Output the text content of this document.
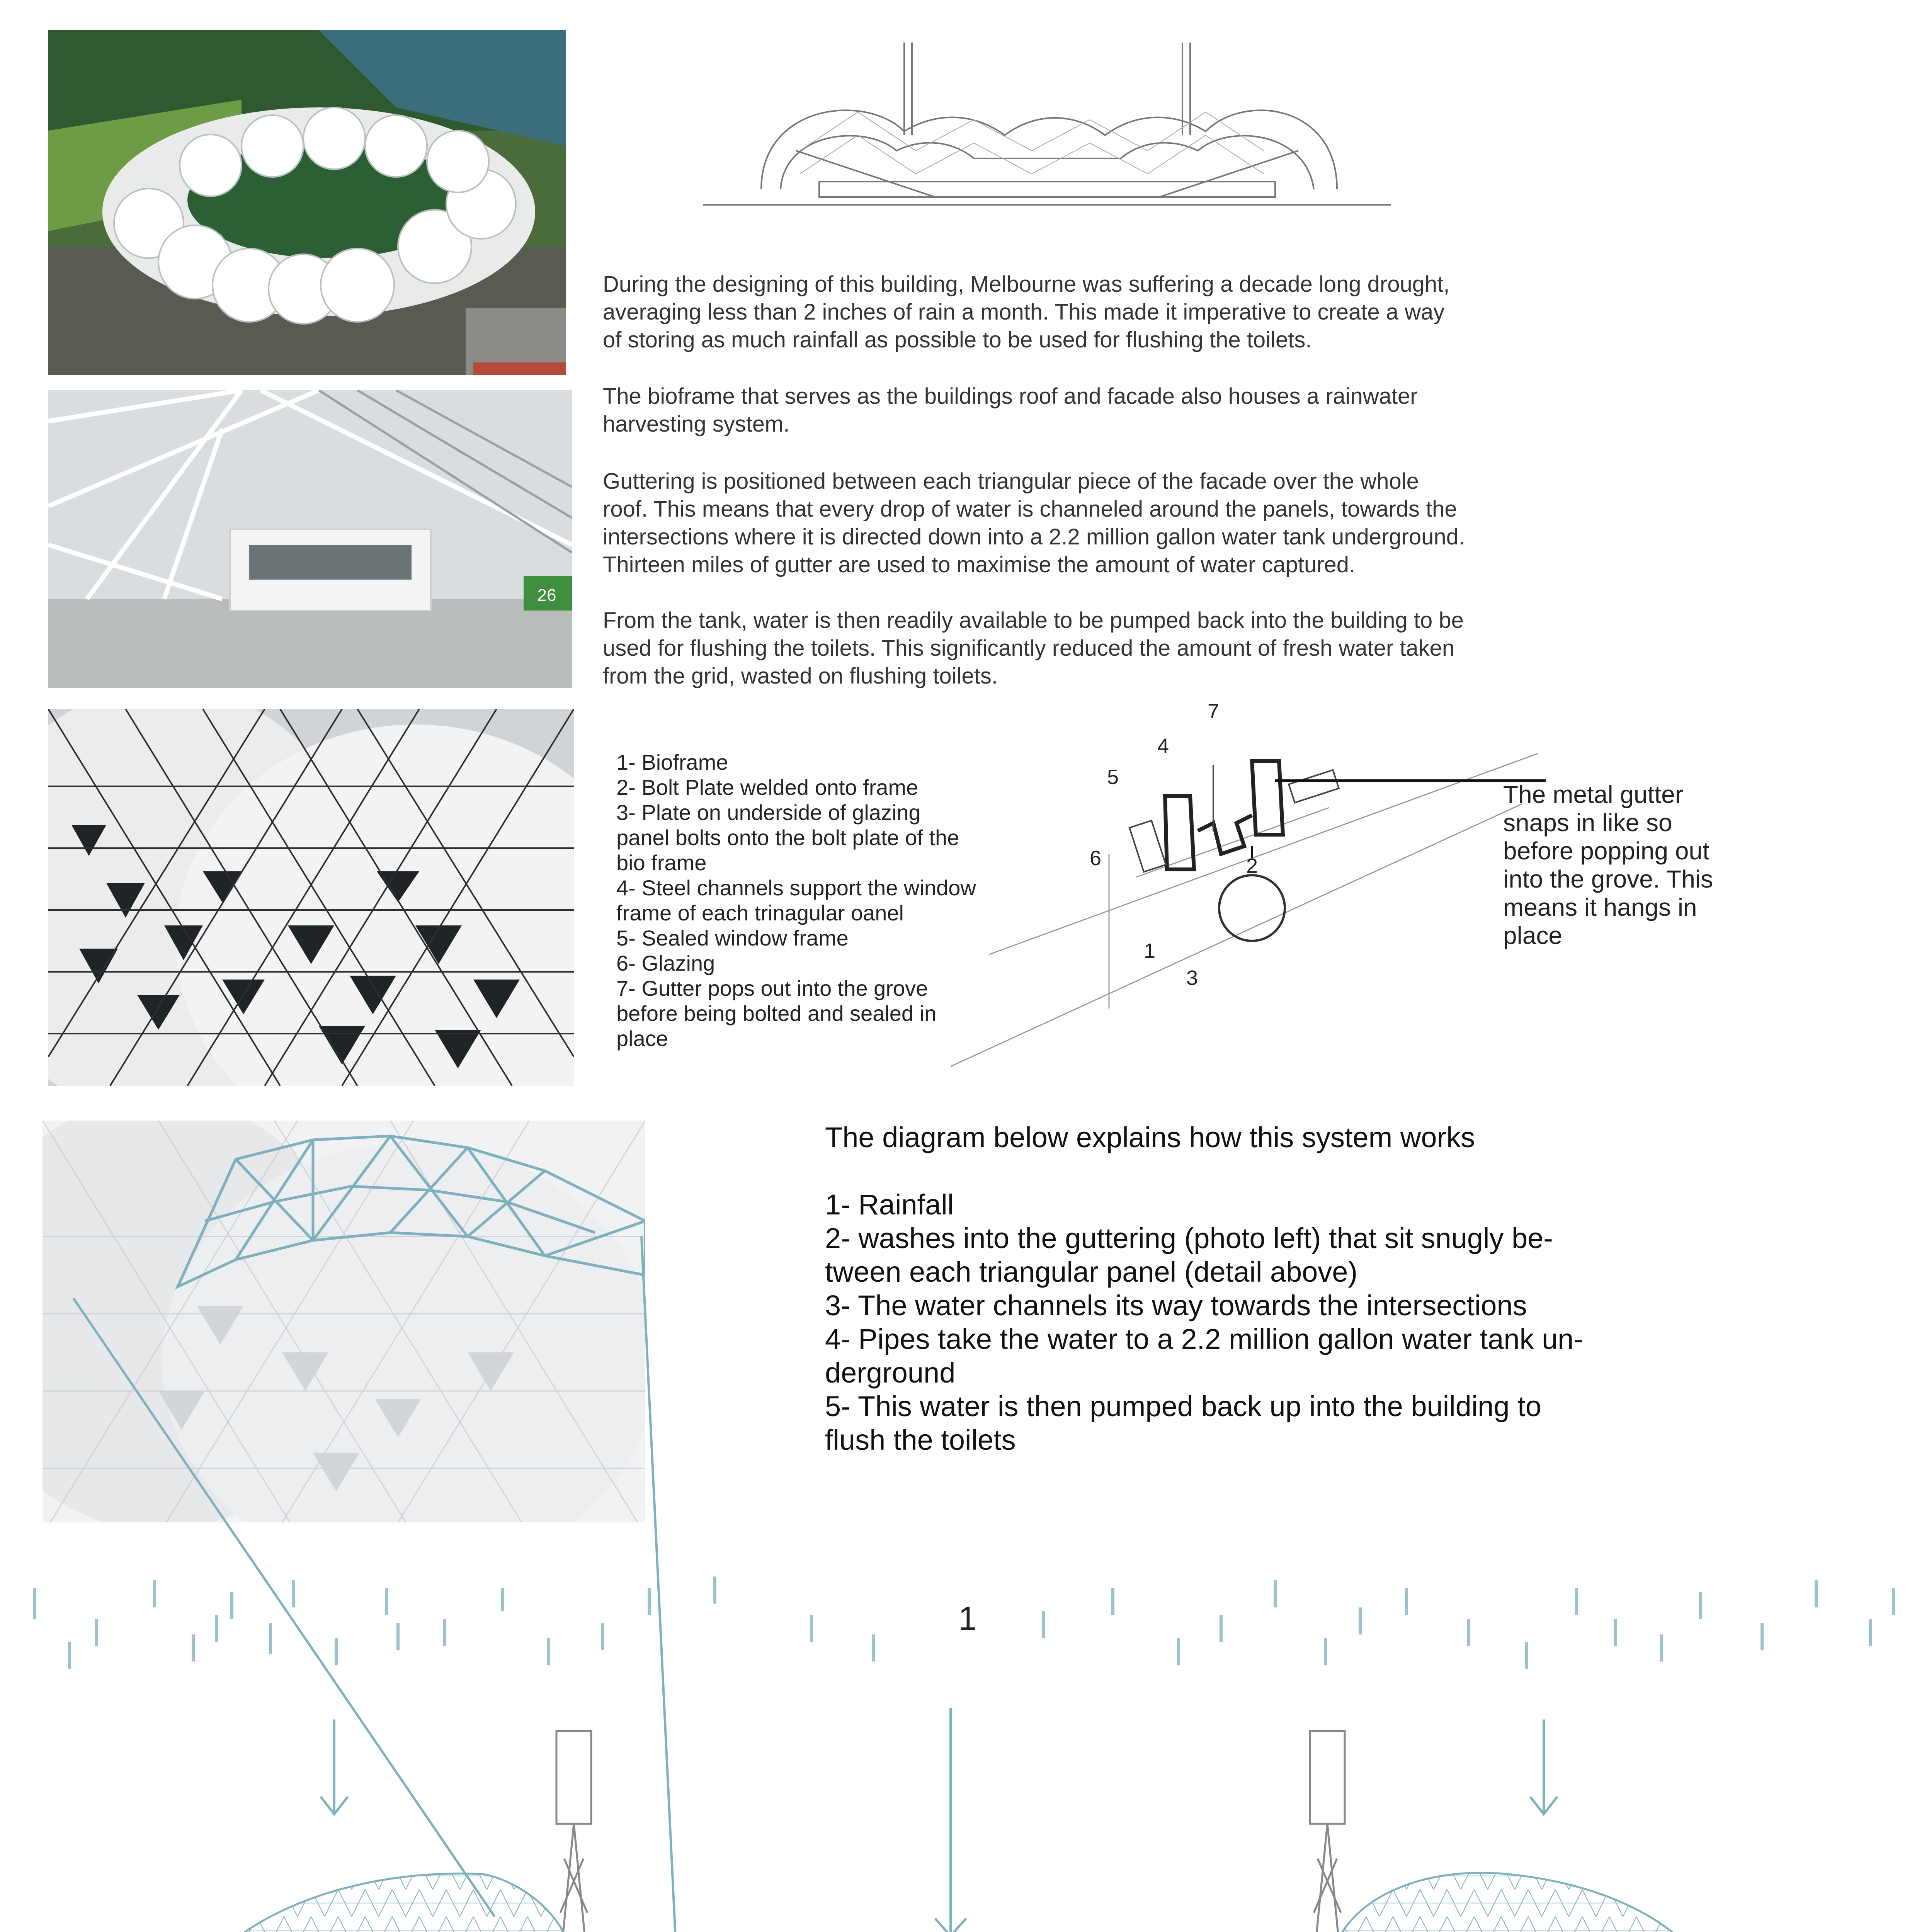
26
During the designing of this building, Melbourne was suffering a decade long drought,
averaging less than 2 inches of rain a month. This made it imperative to create a way
of storing as much rainfall as possible to be used for flushing the toilets.
The bioframe that serves as the buildings roof and facade also houses a rainwater
harvesting system.
Guttering is positioned between each triangular piece of the facade over the whole
roof. This means that every drop of water is channeled around the panels, towards the
intersections where it is directed down into a 2.2 million gallon water tank underground.
Thirteen miles of gutter are used to maximise the amount of water captured.
From the tank, water is then readily available to be pumped back into the building to be
used for flushing the toilets. This significantly reduced the amount of fresh water taken
from the grid, wasted on flushing toilets.
1- Bioframe
2- Bolt Plate welded onto frame
3- Plate on underside of glazing
panel bolts onto the bolt plate of the
bio frame
4- Steel channels support the window
frame of each trinagular oanel
5- Sealed window frame
6- Glazing
7- Gutter pops out into the grove
before being bolted and sealed in
place
7
4
5
6	2
1
3
The metal gutter
snaps in like so
before popping out
into the grove. This
means it hangs in
place
The diagram below explains how this system works
1- Rainfall
2- washes into the guttering (photo left) that sit snugly be-
tween each triangular panel (detail above)
3- The water channels its way towards the intersections
4- Pipes take the water to a 2.2 million gallon water tank un-
derground
5- This water is then pumped back up into the building to
flush the toilets
1
